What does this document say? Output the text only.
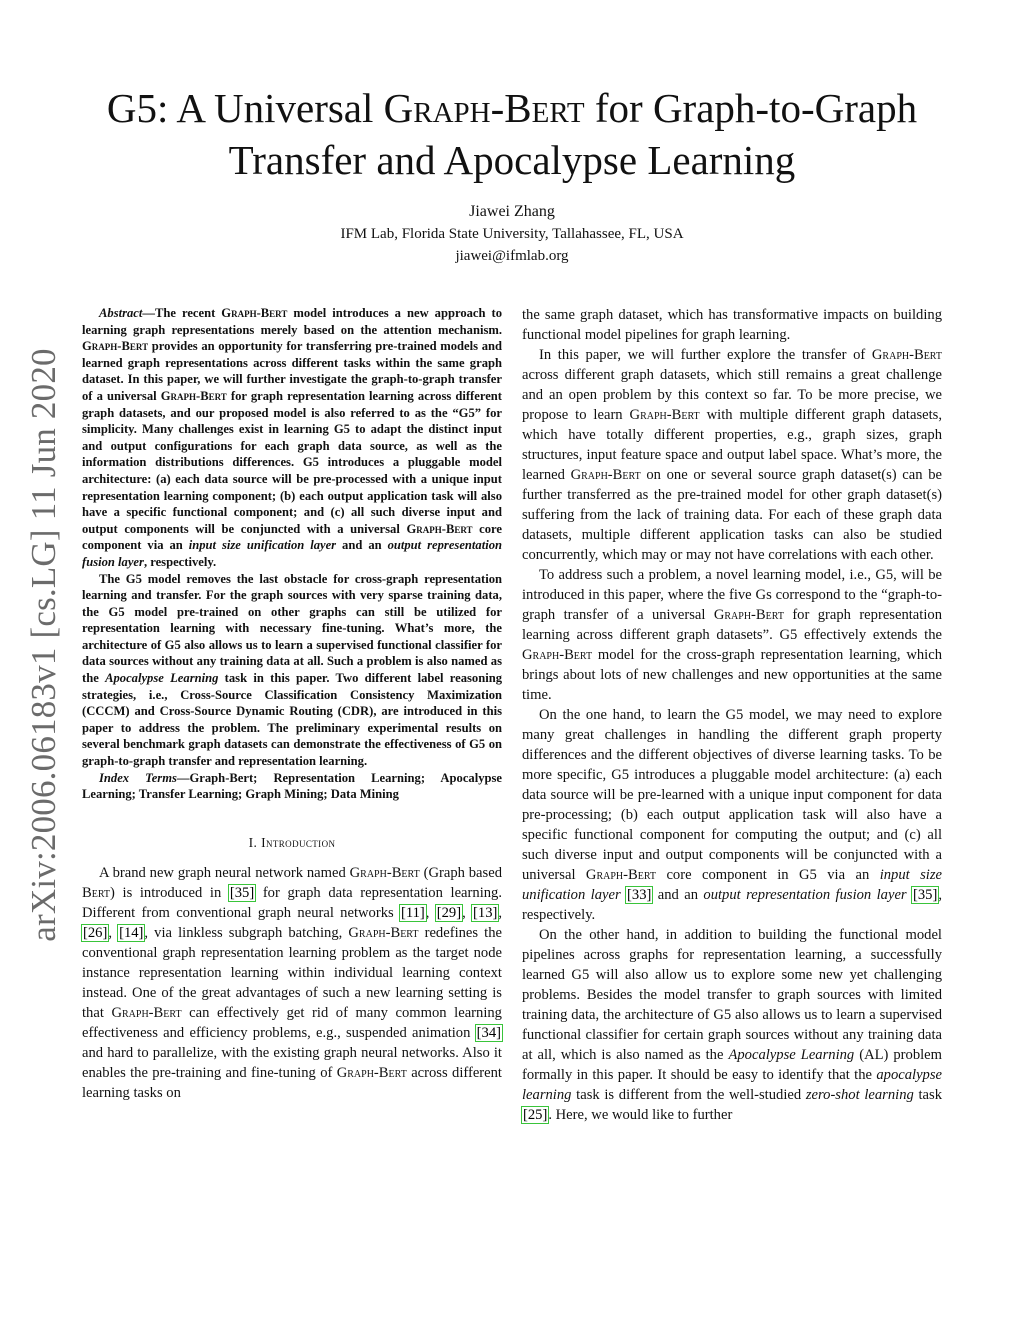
arXiv:2006.06183v1 [cs.LG] 11 Jun 2020
G5: A Universal Graph-Bert for Graph-to-Graph
Transfer and Apocalypse Learning
Jiawei Zhang
IFM Lab, Florida State University, Tallahassee, FL, USA
jiawei@ifmlab.org

Abstract—The recent Graph-Bert model introduces a new approach to learning graph representations merely based on the attention mechanism. Graph-Bert provides an opportunity for transferring pre-trained models and learned graph representations across different tasks within the same graph dataset. In this paper, we will further investigate the graph-to-graph transfer of a universal Graph-Bert for graph representation learning across different graph datasets, and our proposed model is also referred to as the “G5” for simplicity. Many challenges exist in learning G5 to adapt the distinct input and output configurations for each graph data source, as well as the information distributions differences. G5 introduces a pluggable model architecture: (a) each data source will be pre-processed with a unique input representation learning component; (b) each output application task will also have a specific functional component; and (c) all such diverse input and output components will be conjuncted with a universal Graph-Bert core component via an input size unification layer and an output representation fusion layer, respectively.

The G5 model removes the last obstacle for cross-graph representation learning and transfer. For the graph sources with very sparse training data, the G5 model pre-trained on other graphs can still be utilized for representation learning with necessary fine-tuning. What’s more, the architecture of G5 also allows us to learn a supervised functional classifier for data sources without any training data at all. Such a problem is also named as the Apocalypse Learning task in this paper. Two different label reasoning strategies, i.e., Cross-Source Classification Consistency Maximization (CCCM) and Cross-Source Dynamic Routing (CDR), are introduced in this paper to address the problem. The preliminary experimental results on several benchmark graph datasets can demonstrate the effectiveness of G5 on graph-to-graph transfer and representation learning.

Index Terms—Graph-Bert; Representation Learning; Apocalypse Learning; Transfer Learning; Graph Mining; Data Mining

I. Introduction

A brand new graph neural network named Graph-Bert (Graph based Bert) is introduced in [35] for graph data representation learning. Different from conventional graph neural networks [11], [29], [13], [26], [14], via linkless subgraph batching, Graph-Bert redefines the conventional graph representation learning problem as the target node instance representation learning within individual learning context instead. One of the great advantages of such a new learning setting is that Graph-Bert can effectively get rid of many common learning effectiveness and efficiency problems, e.g., suspended animation [34] and hard to parallelize, with the existing graph neural networks. Also it enables the pre-training and fine-tuning of Graph-Bert across different learning tasks on

the same graph dataset, which has transformative impacts on building functional model pipelines for graph learning.

In this paper, we will further explore the transfer of Graph-Bert across different graph datasets, which still remains a great challenge and an open problem by this context so far. To be more precise, we propose to learn Graph-Bert with multiple different graph datasets, which have totally different properties, e.g., graph sizes, graph structures, input feature space and output label space. What’s more, the learned Graph-Bert on one or several source graph dataset(s) can be further transferred as the pre-trained model for other graph dataset(s) suffering from the lack of training data. For each of these graph data datasets, multiple different application tasks can also be studied concurrently, which may or may not have correlations with each other.

To address such a problem, a novel learning model, i.e., G5, will be introduced in this paper, where the five Gs correspond to the “graph-to-graph transfer of a universal Graph-Bert for graph representation learning across different graph datasets”. G5 effectively extends the Graph-Bert model for the cross-graph representation learning, which brings about lots of new challenges and new opportunities at the same time.

On the one hand, to learn the G5 model, we may need to explore many great challenges in handling the different graph property differences and the different objectives of diverse learning tasks. To be more specific, G5 introduces a pluggable model architecture: (a) each data source will be pre-learned with a unique input component for data pre-processing; (b) each output application task will also have a specific functional component for computing the output; and (c) all such diverse input and output components will be conjuncted with a universal Graph-Bert core component in G5 via an input size unification layer [33] and an output representation fusion layer [35], respectively.

On the other hand, in addition to building the functional model pipelines across graphs for representation learning, a successfully learned G5 will also allow us to explore some new yet challenging problems. Besides the model transfer to graph sources with limited training data, the architecture of G5 also allows us to learn a supervised functional classifier for certain graph sources without any training data at all, which is also named as the Apocalypse Learning (AL) problem formally in this paper. It should be easy to identify that the apocalypse learning task is different from the well-studied zero-shot learning task [25]. Here, we would like to further
